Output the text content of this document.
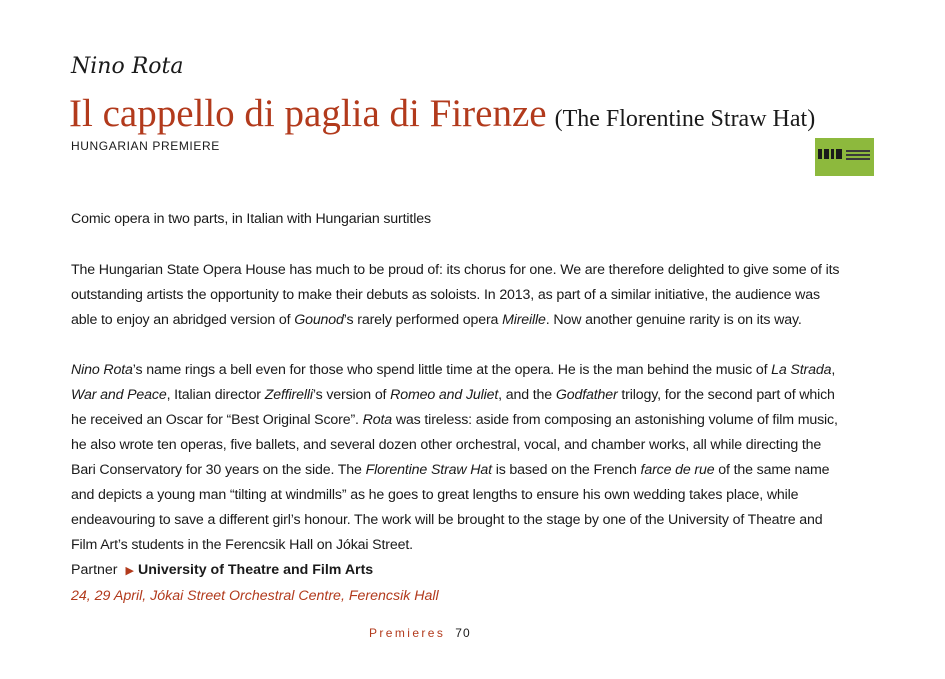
Nino Rota
Il cappello di paglia di Firenze (The Florentine Straw Hat)
HUNGARIAN PREMIERE
Comic opera in two parts, in Italian with Hungarian surtitles
The Hungarian State Opera House has much to be proud of: its chorus for one. We are therefore delighted to give some of its
outstanding artists the opportunity to make their debuts as soloists. In 2013, as part of a similar initiative, the audience was
able to enjoy an abridged version of Gounod’s rarely performed opera Mireille. Now another genuine rarity is on its way.
Nino Rota’s name rings a bell even for those who spend little time at the opera. He is the man behind the music of La Strada,
War and Peace, Italian director Zeffirelli’s version of Romeo and Juliet, and the Godfather trilogy, for the second part of which
he received an Oscar for “Best Original Score”. Rota was tireless: aside from composing an astonishing volume of film music,
he also wrote ten operas, five ballets, and several dozen other orchestral, vocal, and chamber works, all while directing the
Bari Conservatory for 30 years on the side. The Florentine Straw Hat is based on the French farce de rue of the same name
and depicts a young man “tilting at windmills” as he goes to great lengths to ensure his own wedding takes place, while
endeavouring to save a different girl’s honour. The work will be brought to the stage by one of the University of Theatre and
Film Art’s students in the Ferencsik Hall on Jókai Street.
Partner ▶ University of Theatre and Film Arts
24, 29 April, Jókai Street Orchestral Centre, Ferencsik Hall
Premieres 70
